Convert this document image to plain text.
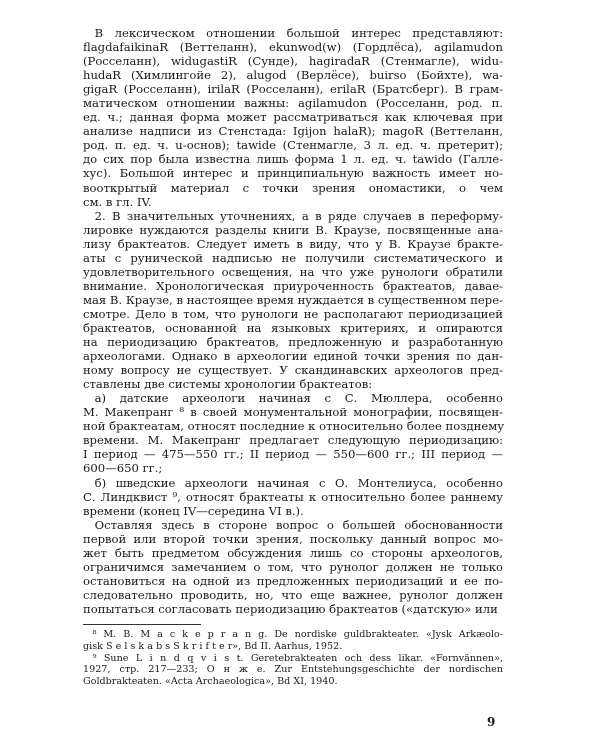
 В лексическом отношении большой интерес представляют:
flagdafaikinaR (Веттеланн), ekunwod(w) (Гордлёса), agilamudon
(Росселанн), widugastiR (Сунде), hagiradaR (Стенмагле), widu-
hudaR (Химлингойе 2), alugod (Верлёсе), buirso (Бойхте), wa-
gigaR (Росселанн), irilaR (Росселанн), erilaR (Братсберг). В грам-
матическом отношении важны: agilamudon (Росселанн, род. п.
ед. ч.; данная форма может рассматриваться как ключевая при
анализе надписи из Стенстада: Igijon halaR); magoR (Веттеланн,
род. п. ед. ч. u-основ); tawide (Стенмагле, 3 л. ед. ч. претерит);
до сих пор была известна лишь форма 1 л. ед. ч. tawido (Галле-
хус). Большой интерес и принципиальную важность имеет но-
вооткрытый материал с точки зрения ономастики, о чем
см. в гл. IV.

 2. В значительных уточнениях, а в ряде случаев в переформу-
лировке нуждаются разделы книги В. Краузе, посвященные ана-
лизу брактеатов. Следует иметь в виду, что у В. Краузе бракте-
аты с рунической надписью не получили систематического и
удовлетворительного освещения, на что уже рунологи обратили
внимание. Хронологическая приуроченность брактеатов, давае-
мая В. Краузе, в настоящее время нуждается в существенном пере-
смотре. Дело в том, что рунологи не располагают периодизацией
брактеатов, основанной на языковых критериях, и опираются
на периодизацию брактеатов, предложенную и разработанную
археологами. Однако в археологии единой точки зрения по дан-
ному вопросу не существует. У скандинавских археологов пред-
ставлены две системы хронологии брактеатов:

 а) датские археологи начиная с С. Мюллера, особенно
М. Макепранг ⁸ в своей монументальной монографии, посвящен-
ной брактеатам, относят последние к относительно более позднему
времени. М. Макепранг предлагает следующую периодизацию:
I период — 475—550 гг.; II период — 550—600 гг.; III период —
600—650 гг.;

 б) шведские археологи начиная с О. Монтелиуса, особенно
С. Линдквист ⁹, относят брактеаты к относительно более раннему
времени (конец IV—середина VI в.).

 Оставляя здесь в стороне вопрос о большей обоснованности
первой или второй точки зрения, поскольку данный вопрос мо-
жет быть предметом обсуждения лишь со стороны археологов,
ограничимся замечанием о том, что рунолог должен не только
остановиться на одной из предложенных периодизаций и ее по-
следовательно проводить, но, что еще важнее, рунолог должен
попытаться согласовать периодизацию брактеатов («датскую» или

 ⁸ M. B. M a c k e p r a n g. De nordiske guldbrakteater. «Jysk Arkæolo-
gisk S e l s k a b s S k r i f t e r», Bd II. Aarhus, 1952.

 ⁹ Sune L i n d q v i s t. Geretebrakteaten och dess likar. «Fornvännen»,
1927, стр. 217—233; О н ж е. Zur Entstehungsgeschichte der nordischen
Goldbrakteaten. «Acta Archaeologica», Bd XI, 1940.

9
